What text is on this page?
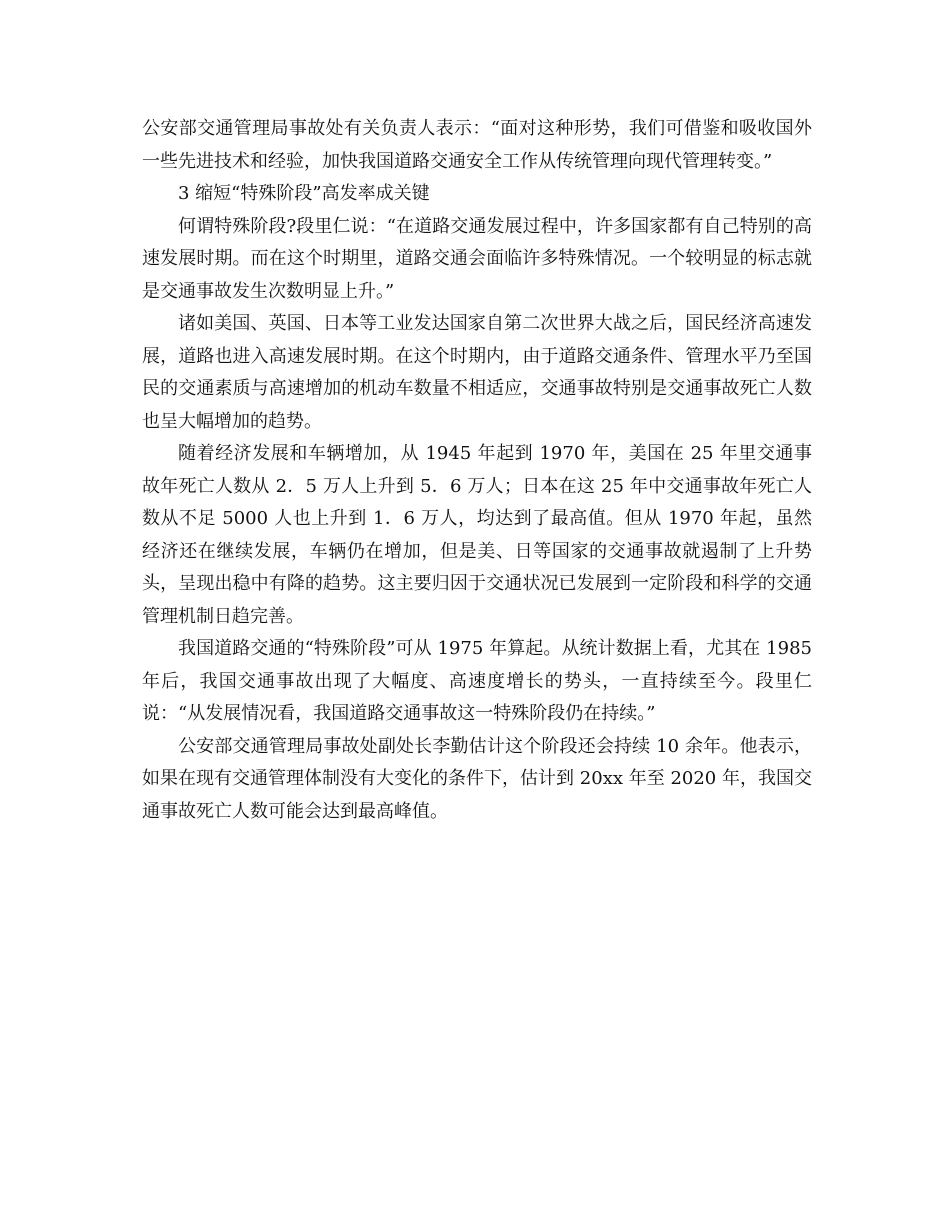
公安部交通管理局事故处有关负责人表示：“面对这种形势，我们可借鉴和吸收国外一些先进技术和经验，加快我国道路交通安全工作从传统管理向现代管理转变。”

3 缩短“特殊阶段”高发率成关键

何谓特殊阶段?段里仁说：“在道路交通发展过程中，许多国家都有自己特别的高速发展时期。而在这个时期里，道路交通会面临许多特殊情况。一个较明显的标志就是交通事故发生次数明显上升。”

诸如美国、英国、日本等工业发达国家自第二次世界大战之后，国民经济高速发展，道路也进入高速发展时期。在这个时期内，由于道路交通条件、管理水平乃至国民的交通素质与高速增加的机动车数量不相适应，交通事故特别是交通事故死亡人数也呈大幅增加的趋势。

随着经济发展和车辆增加，从 1945 年起到 1970 年，美国在 25 年里交通事故年死亡人数从 2．5 万人上升到 5．6 万人；日本在这 25 年中交通事故年死亡人数从不足 5000 人也上升到 1．6 万人，均达到了最高值。但从 1970 年起，虽然经济还在继续发展，车辆仍在增加，但是美、日等国家的交通事故就遏制了上升势头，呈现出稳中有降的趋势。这主要归因于交通状况已发展到一定阶段和科学的交通管理机制日趋完善。

我国道路交通的“特殊阶段”可从 1975 年算起。从统计数据上看，尤其在 1985 年后，我国交通事故出现了大幅度、高速度增长的势头，一直持续至今。段里仁说：“从发展情况看，我国道路交通事故这一特殊阶段仍在持续。”

公安部交通管理局事故处副处长李勤估计这个阶段还会持续 10 余年。他表示，如果在现有交通管理体制没有大变化的条件下，估计到 20xx 年至 2020 年，我国交通事故死亡人数可能会达到最高峰值。
